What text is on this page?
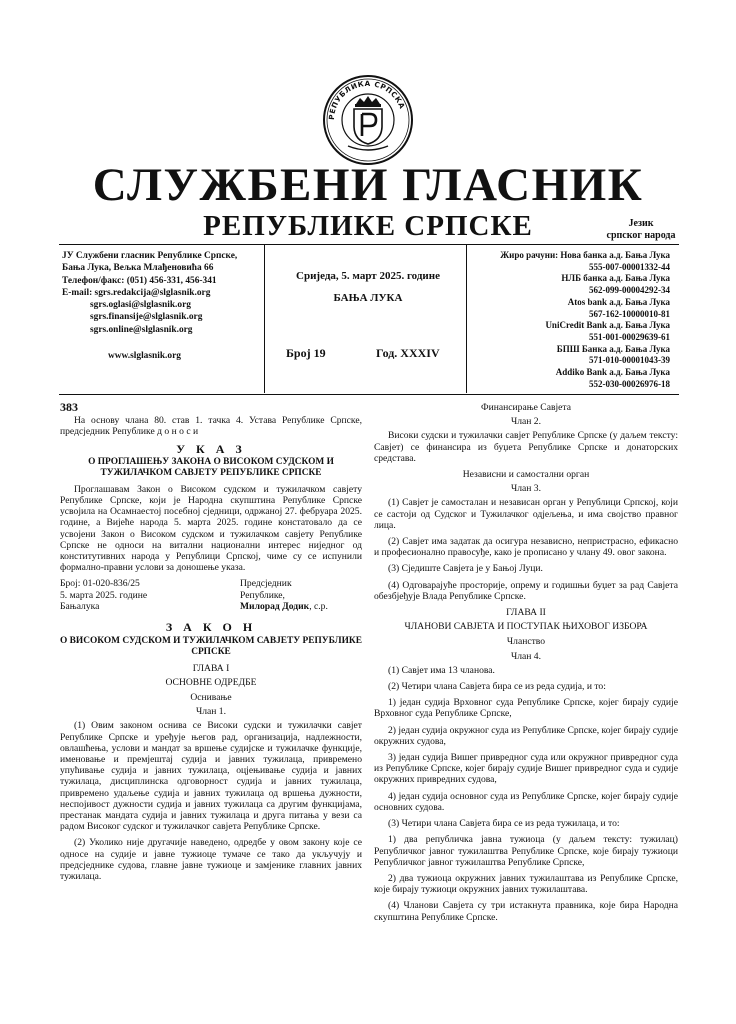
РЕПУБЛИКА СРПСКА
СЛУЖБЕНИ ГЛАСНИК
РЕПУБЛИКЕ СРПСКЕ	Језик
српског народа
ЈУ Службени гласник Републике Српске,
Бања Лука, Вељка Млађеновића 66
Телефон/факс: (051) 456-331, 456-341
E-mail: sgrs.redakcija@slglasnik.org
sgrs.oglasi@slglasnik.org
sgrs.finansije@slglasnik.org
sgrs.online@slglasnik.org
www.slglasnik.org
Сриједа, 5. март 2025. године
БАЊА ЛУКА
Број 19	Год. XXXIV
Жиро рачуни: Нова банка а.д. Бања Лука
555-007-00001332-44
НЛБ банка а.д. Бања Лука
562-099-00004292-34
Atos bank а.д. Бања Лука
567-162-10000010-81
UniCredit Bank а.д. Бања Лука
551-001-00029639-61
БПШ Банка а.д. Бања Лука
571-010-00001043-39
Addiko Bank а.д. Бања Лука
552-030-00026976-18
383

На основу члана 80. став 1. тачка 4. Устава Републике Српске, предсједник Републике д о н о с и

У К А З
О ПРОГЛАШЕЊУ ЗАКОНА О ВИСОКОМ СУДСКОМ И ТУЖИЛАЧКОМ САВЈЕТУ РЕПУБЛИКЕ СРПСКЕ

Проглашавам Закон о Високом судском и тужилачком савјету Републике Српске, који је Народна скупштина Републике Српске усвојила на Осамнаестој посебној сједници, одржаној 27. фебруара 2025. године, а Вијеће народа 5. марта 2025. године констатовало да се усвојени Закон о Високом судском и тужилачком савјету Републике Српске не односи на витални национални интерес ниједног од конститутивних народа у Републици Српској, чиме су се испунили формално-правни услови за доношење указа.

Број: 01-020-836/25
5. марта 2025. године
Бањалука
Предсједник
Републике,
Милорад Додик, с.р.
З А К О Н
О ВИСОКОМ СУДСКОМ И ТУЖИЛАЧКОМ САВЈЕТУ РЕПУБЛИКЕ СРПСКЕ
ГЛАВА I
ОСНОВНЕ ОДРЕДБЕ
Оснивање
Члан 1.

(1) Овим законом оснива се Високи судски и тужилачки савјет Републике Српске и уређује његов рад, организација, надлежности, овлашћења, услови и мандат за вршење судијске и тужилачке функције, именовање и премјештај судија и јавних тужилаца, привремено упућивање судија и јавних тужилаца, оцјењивање судија и јавних тужилаца, дисциплинска одговорност судија и јавних тужилаца, привремено удаљење судија и јавних тужилаца од вршења дужности, неспојивост дужности судија и јавних тужилаца са другим функцијама, престанак мандата судија и јавних тужилаца и друга питања у вези са радом Високог судског и тужилачког савјета Републике Српске.

(2) Уколико није другачије наведено, одредбе у овом закону које се односе на судије и јавне тужиоце тумаче се тако да укључују и предсједнике судова, главне јавне тужиоце и замјенике главних јавних тужилаца.

Финансирање Савјета
Члан 2.

Високи судски и тужилачки савјет Републике Српске (у даљем тексту: Савјет) се финансира из буџета Републике Српске и донаторских средстава.

Независни и самостални орган
Члан 3.

(1) Савјет је самосталан и независан орган у Републици Српској, који се састоји од Судског и Тужилачког одјељења, и има својство правног лица.

(2) Савјет има задатак да осигура независно, непристрасно, ефикасно и професионално правосуђе, како је прописано у члану 49. овог закона.

(3) Сједиште Савјета је у Бањој Луци.

(4) Одговарајуће просторије, опрему и годишњи буџет за рад Савјета обезбјеђује Влада Републике Српске.

ГЛАВА II
ЧЛАНОВИ САВЈЕТА И ПОСТУПАК ЊИХОВОГ ИЗБОРА
Чланство
Члан 4.

(1) Савјет има 13 чланова.

(2) Четири члана Савјета бира се из реда судија, и то:

1) један судија Врховног суда Републике Српске, којег бирају судије Врховног суда Републике Српске,

2) један судија окружног суда из Републике Српске, којег бирају судије окружних судова,

3) један судија Вишег привредног суда или окружног привредног суда из Републике Српске, којег бирају судије Вишег привредног суда и судије окружних привредних судова,

4) један судија основног суда из Републике Српске, којег бирају судије основних судова.

(3) Четири члана Савјета бира се из реда тужилаца, и то:

1) два републичка јавна тужиоца (у даљем тексту: тужилац) Републичког јавног тужилаштва Републике Српске, које бирају тужиоци Републичког јавног тужилаштва Републике Српске,

2) два тужиоца окружних јавних тужилаштава из Републике Српске, које бирају тужиоци окружних јавних тужилаштава.

(4) Чланови Савјета су три истакнута правника, које бира Народна скупштина Републике Српске.
